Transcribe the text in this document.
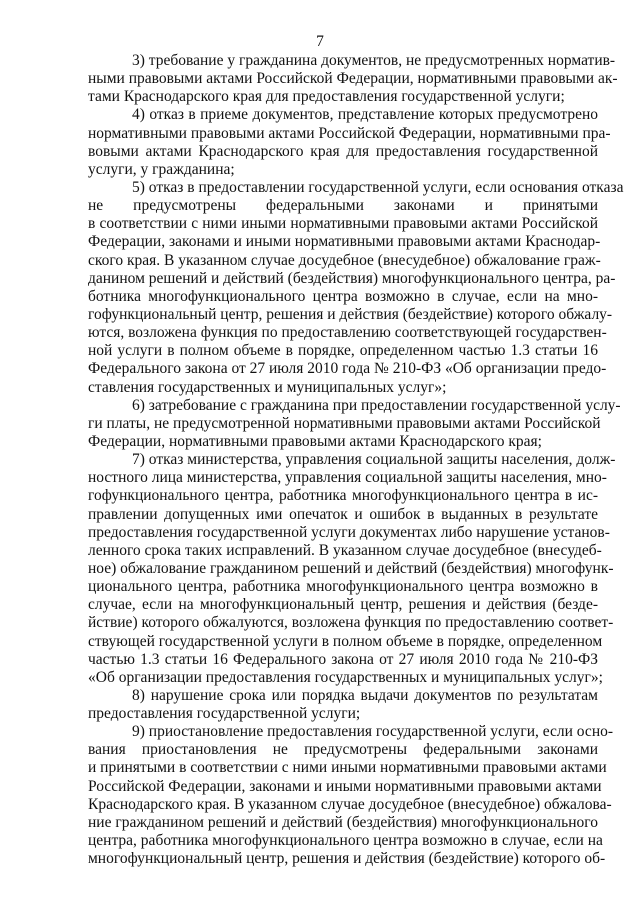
7
3) требование у гражданина документов, не предусмотренных норматив-
ными правовыми актами Российской Федерации, нормативными правовыми ак-
тами Краснодарского края для предоставления государственной услуги;
4) отказ в приеме документов, представление которых предусмотрено
нормативными правовыми актами Российской Федерации, нормативными пра-
вовыми актами Краснодарского края для предоставления государственной
услуги, у гражданина;
5) отказ в предоставлении государственной услуги, если основания отказа
не предусмотрены федеральными законами и принятыми
в соответствии с ними иными нормативными правовыми актами Российской
Федерации, законами и иными нормативными правовыми актами Краснодар-
ского края. В указанном случае досудебное (внесудебное) обжалование граж-
данином решений и действий (бездействия) многофункционального центра, ра-
ботника многофункционального центра возможно в случае, если на мно-
гофункциональный центр, решения и действия (бездействие) которого обжалу-
ются, возложена функция по предоставлению соответствующей государствен-
ной услуги в полном объеме в порядке, определенном частью 1.3 статьи 16
Федерального закона от 27 июля 2010 года № 210-ФЗ «Об организации предо-
ставления государственных и муниципальных услуг»;
6) затребование с гражданина при предоставлении государственной услу-
ги платы, не предусмотренной нормативными правовыми актами Российской
Федерации, нормативными правовыми актами Краснодарского края;
7) отказ министерства, управления социальной защиты населения, долж-
ностного лица министерства, управления социальной защиты населения, мно-
гофункционального центра, работника многофункционального центра в ис-
правлении допущенных ими опечаток и ошибок в выданных в результате
предоставления государственной услуги документах либо нарушение установ-
ленного срока таких исправлений. В указанном случае досудебное (внесудеб-
ное) обжалование гражданином решений и действий (бездействия) многофунк-
ционального центра, работника многофункционального центра возможно в
случае, если на многофункциональный центр, решения и действия (безде-
йствие) которого обжалуются, возложена функция по предоставлению соответ-
ствующей государственной услуги в полном объеме в порядке, определенном
частью 1.3 статьи 16 Федерального закона от 27 июля 2010 года № 210-ФЗ
«Об организации предоставления государственных и муниципальных услуг»;
8) нарушение срока или порядка выдачи документов по результатам
предоставления государственной услуги;
9) приостановление предоставления государственной услуги, если осно-
вания приостановления не предусмотрены федеральными законами
и принятыми в соответствии с ними иными нормативными правовыми актами
Российской Федерации, законами и иными нормативными правовыми актами
Краснодарского края. В указанном случае досудебное (внесудебное) обжалова-
ние гражданином решений и действий (бездействия) многофункционального
центра, работника многофункционального центра возможно в случае, если на
многофункциональный центр, решения и действия (бездействие) которого об-
